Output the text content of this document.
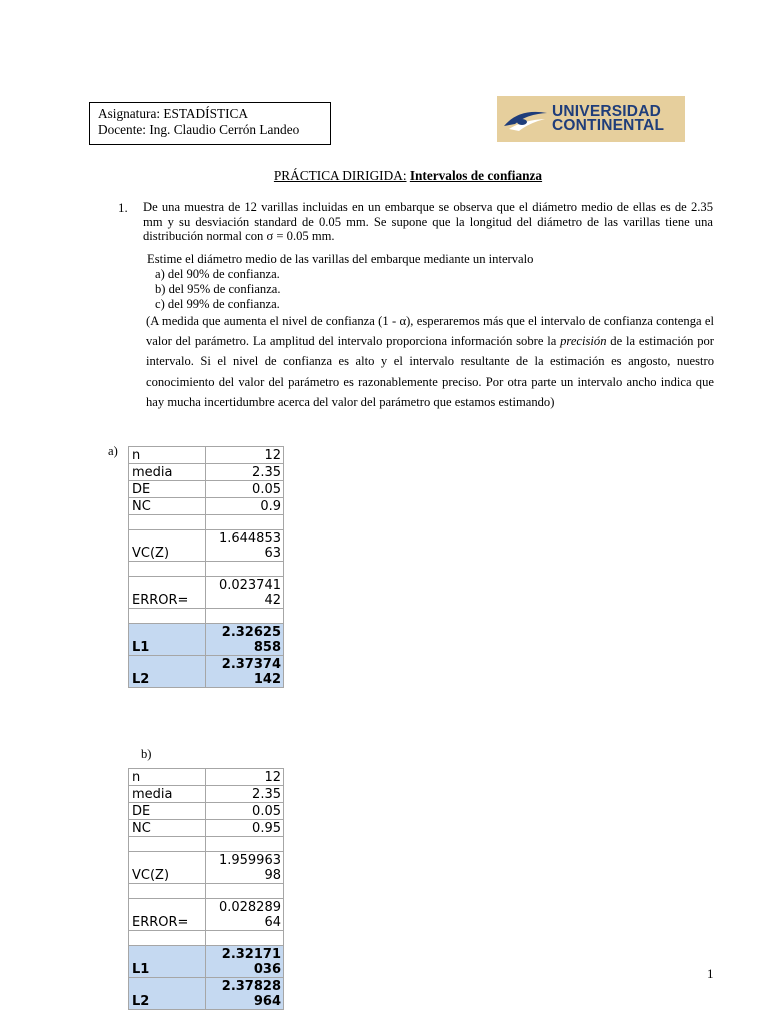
Asignatura: ESTADÍSTICA
Docente: Ing. Claudio Cerrón Landeo
UNIVERSIDAD
CONTINENTAL
PRÁCTICA DIRIGIDA: Intervalos de confianza
1. De una muestra de 12 varillas incluidas en un embarque se observa que el diámetro medio de ellas es de 2.35 mm y su desviación standard de 0.05 mm. Se supone que la longitud del diámetro de las varillas tiene una distribución normal con σ = 0.05 mm.
Estime el diámetro medio de las varillas del embarque mediante un intervalo
a) del 90% de confianza.
b) del 95% de confianza.
c) del 99% de confianza.
(A medida que aumenta el nivel de confianza (1 - α), esperaremos más que el intervalo de confianza contenga el valor del parámetro. La amplitud del intervalo proporciona información sobre la precisión de la estimación por intervalo. Si el nivel de confianza es alto y el intervalo resultante de la estimación es angosto, nuestro conocimiento del valor del parámetro es razonablemente preciso. Por otra parte un intervalo ancho indica que hay mucha incertidumbre acerca del valor del parámetro que estamos estimando)
a) n	12
media	2.35
DE	0.05
NC	0.9

VC(Z)	1.644853
63

ERROR=	0.023741
42

L1	2.32625
858
L2	2.37374
142
b)
n	12
media	2.35
DE	0.05
NC	0.95

VC(Z)	1.959963
98

ERROR=	0.028289
64

L1	2.32171
036
L2	2.37828
964
1
